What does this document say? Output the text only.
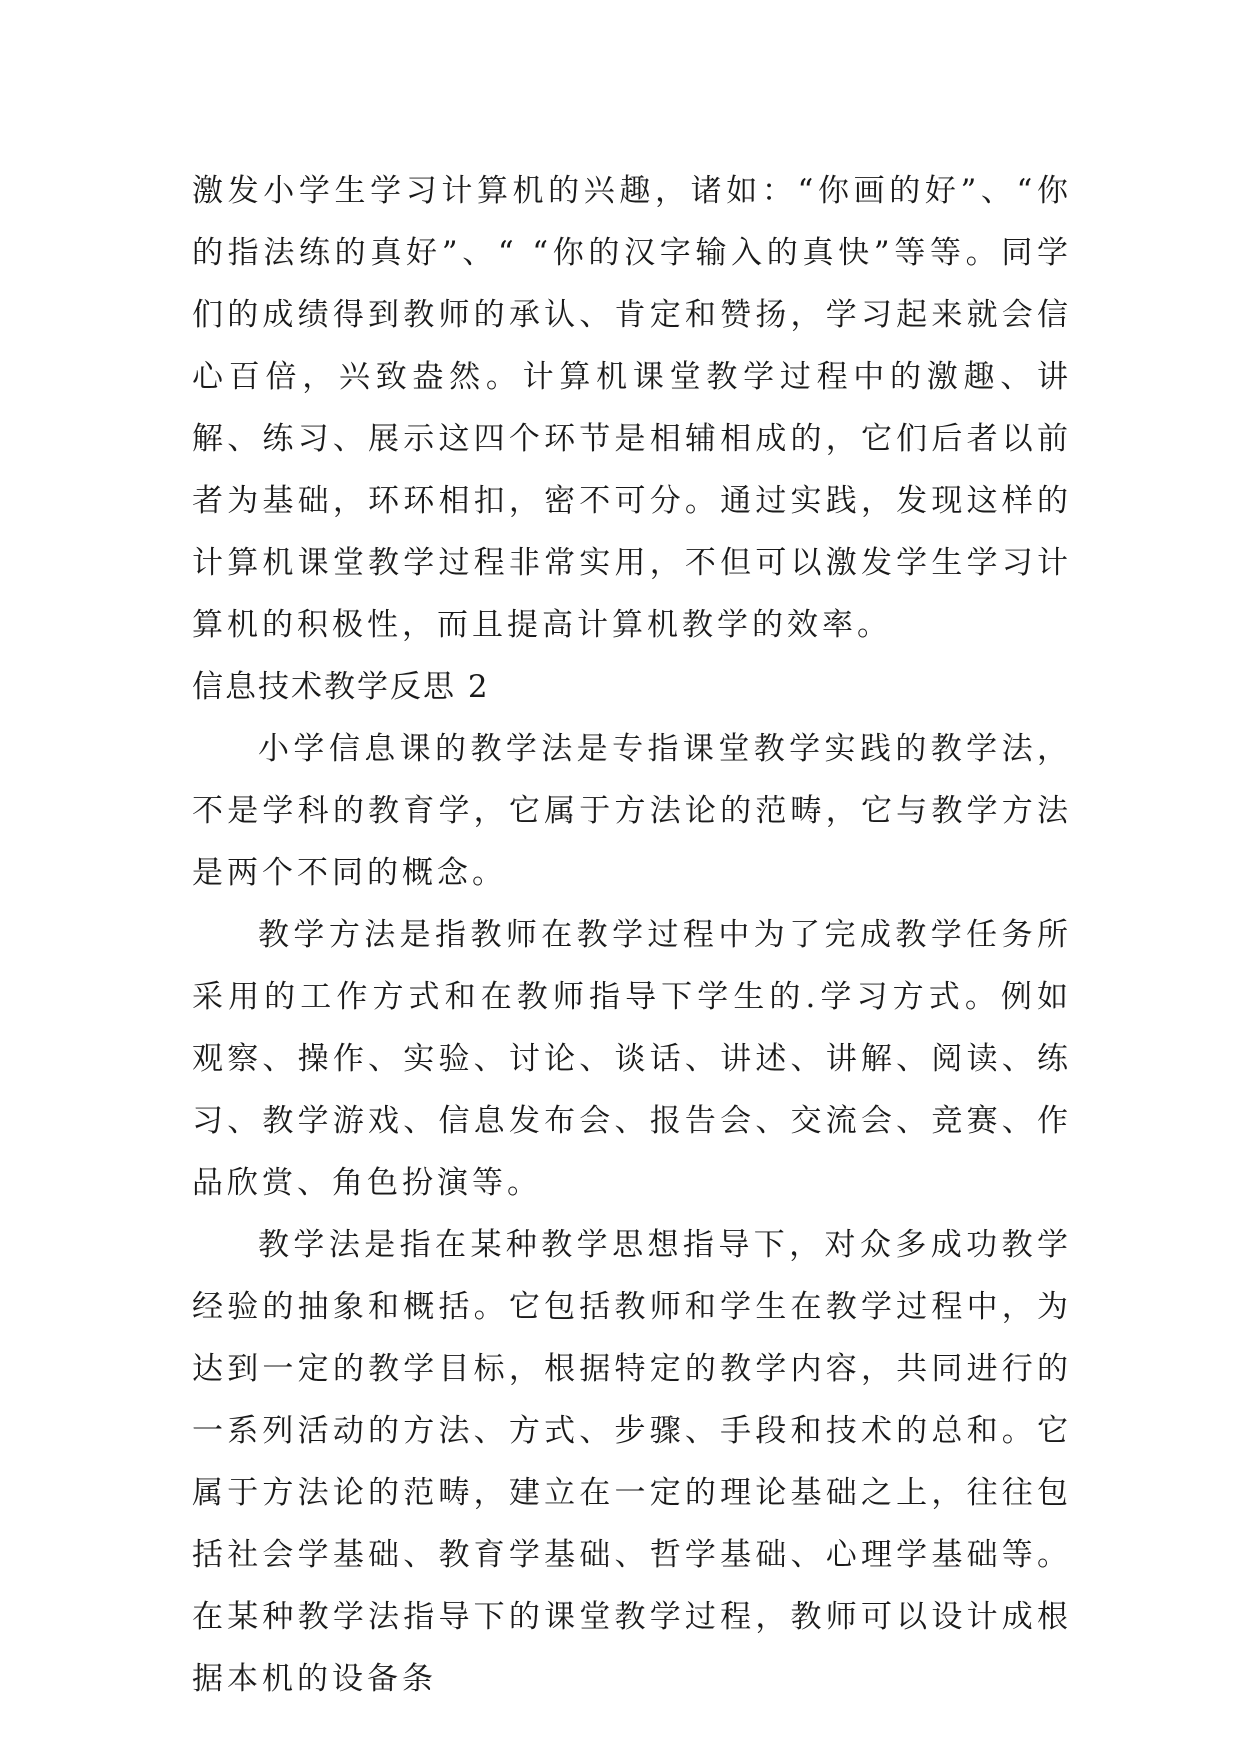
激发小学生学习计算机的兴趣，诸如：“你画的好”、“你的指法练的真好”、“ “你的汉字输入的真快”等等。同学们的成绩得到教师的承认、肯定和赞扬，学习起来就会信心百倍，兴致盎然。计算机课堂教学过程中的激趣、讲解、练习、展示这四个环节是相辅相成的，它们后者以前者为基础，环环相扣，密不可分。通过实践，发现这样的计算机课堂教学过程非常实用，不但可以激发学生学习计算机的积极性，而且提高计算机教学的效率。

信息技术教学反思 2

小学信息课的教学法是专指课堂教学实践的教学法，不是学科的教育学，它属于方法论的范畴，它与教学方法是两个不同的概念。

教学方法是指教师在教学过程中为了完成教学任务所采用的工作方式和在教师指导下学生的.学习方式。例如观察、操作、实验、讨论、谈话、讲述、讲解、阅读、练习、教学游戏、信息发布会、报告会、交流会、竞赛、作品欣赏、角色扮演等。

教学法是指在某种教学思想指导下，对众多成功教学经验的抽象和概括。它包括教师和学生在教学过程中，为达到一定的教学目标，根据特定的教学内容，共同进行的一系列活动的方法、方式、步骤、手段和技术的总和。它属于方法论的范畴，建立在一定的理论基础之上，往往包括社会学基础、教育学基础、哲学基础、心理学基础等。在某种教学法指导下的课堂教学过程，教师可以设计成根据本机的设备条
